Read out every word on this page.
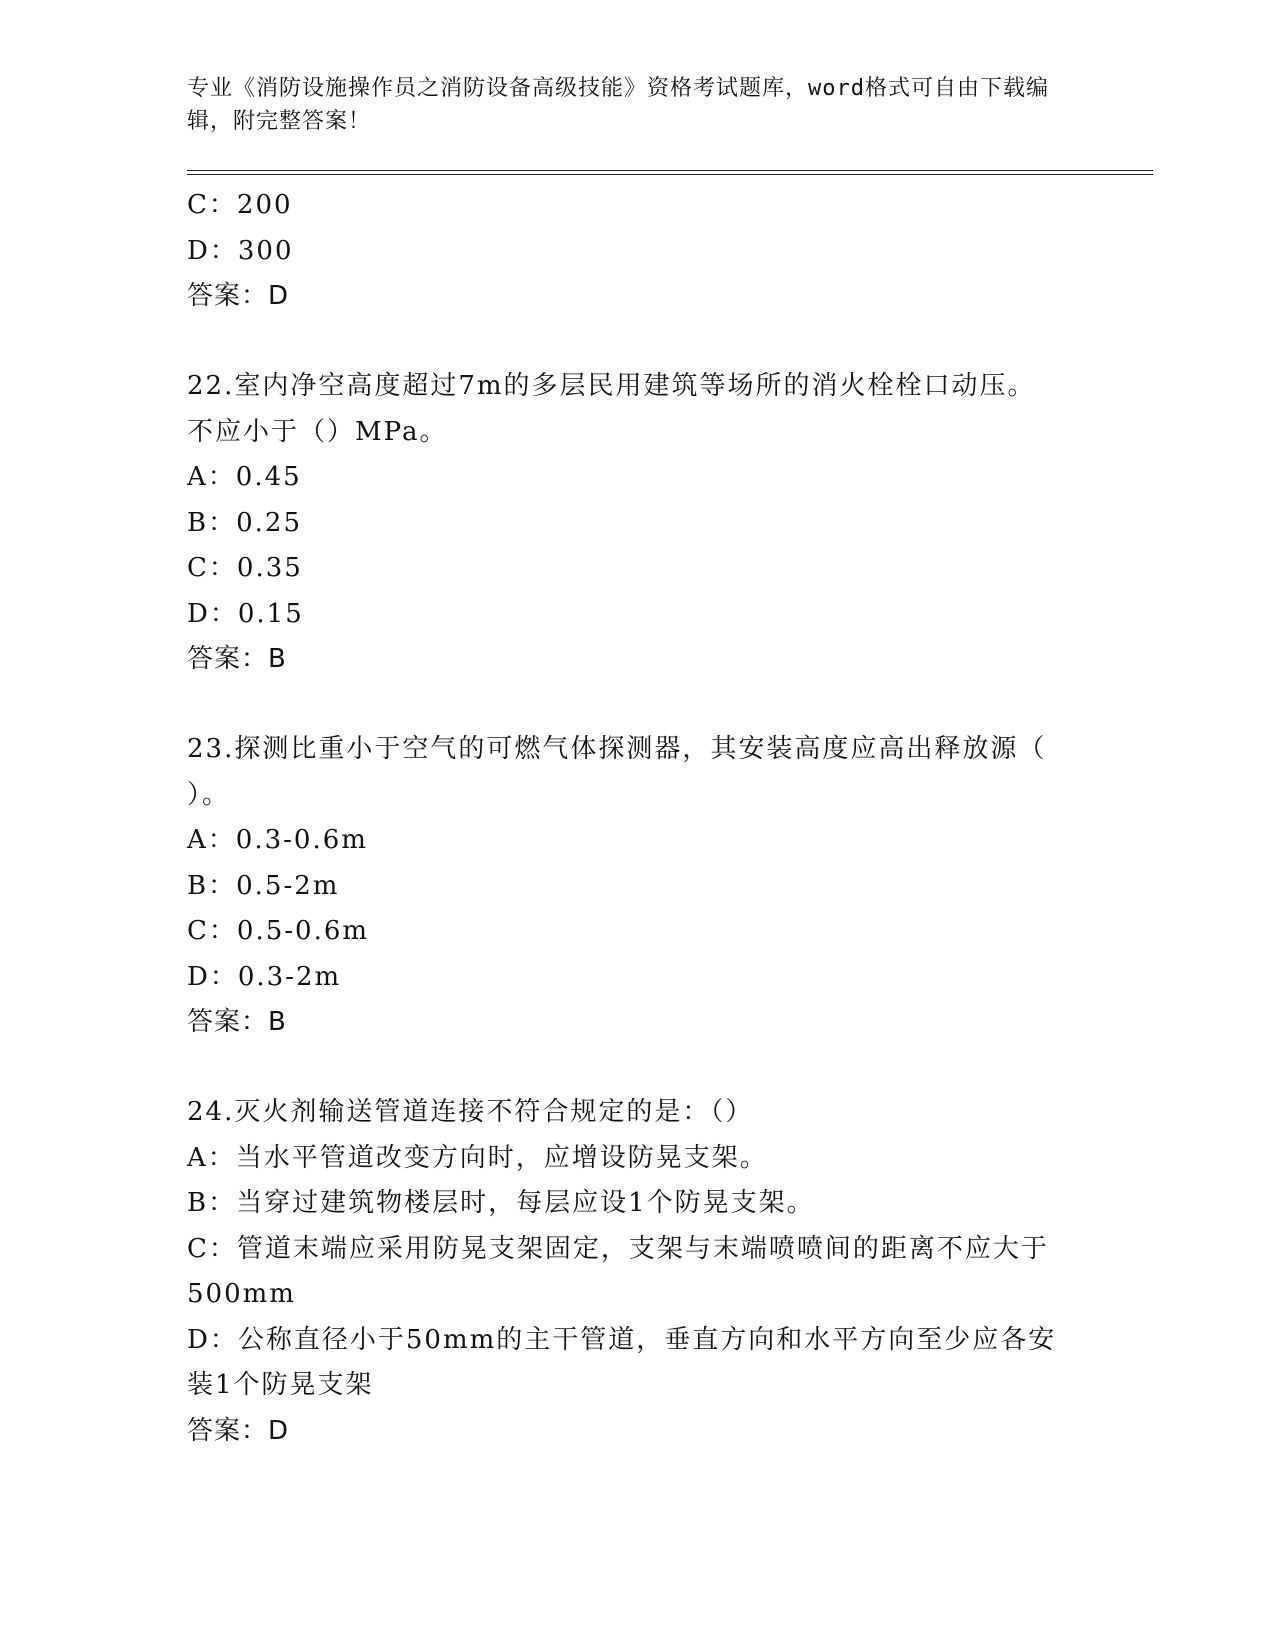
专业《消防设施操作员之消防设备高级技能》资格考试题库，word格式可自由下载编辑，附完整答案！

C：200

D：300

答案：D

22.室内净空高度超过7m的多层民用建筑等场所的消火栓栓口动压。

不应小于（）MPa。

A：0.45

B：0.25

C：0.35

D：0.15

答案：B

23.探测比重小于空气的可燃气体探测器，其安装高度应高出释放源（

）。

A：0.3-0.6m

B：0.5-2m

C：0.5-0.6m

D：0.3-2m

答案：B

24.灭火剂输送管道连接不符合规定的是：（）

A：当水平管道改变方向时，应增设防晃支架。

B：当穿过建筑物楼层时，每层应设1个防晃支架。

C：管道末端应采用防晃支架固定，支架与末端喷喷间的距离不应大于

500mm

D：公称直径小于50mm的主干管道，垂直方向和水平方向至少应各安

装1个防晃支架

答案：D
